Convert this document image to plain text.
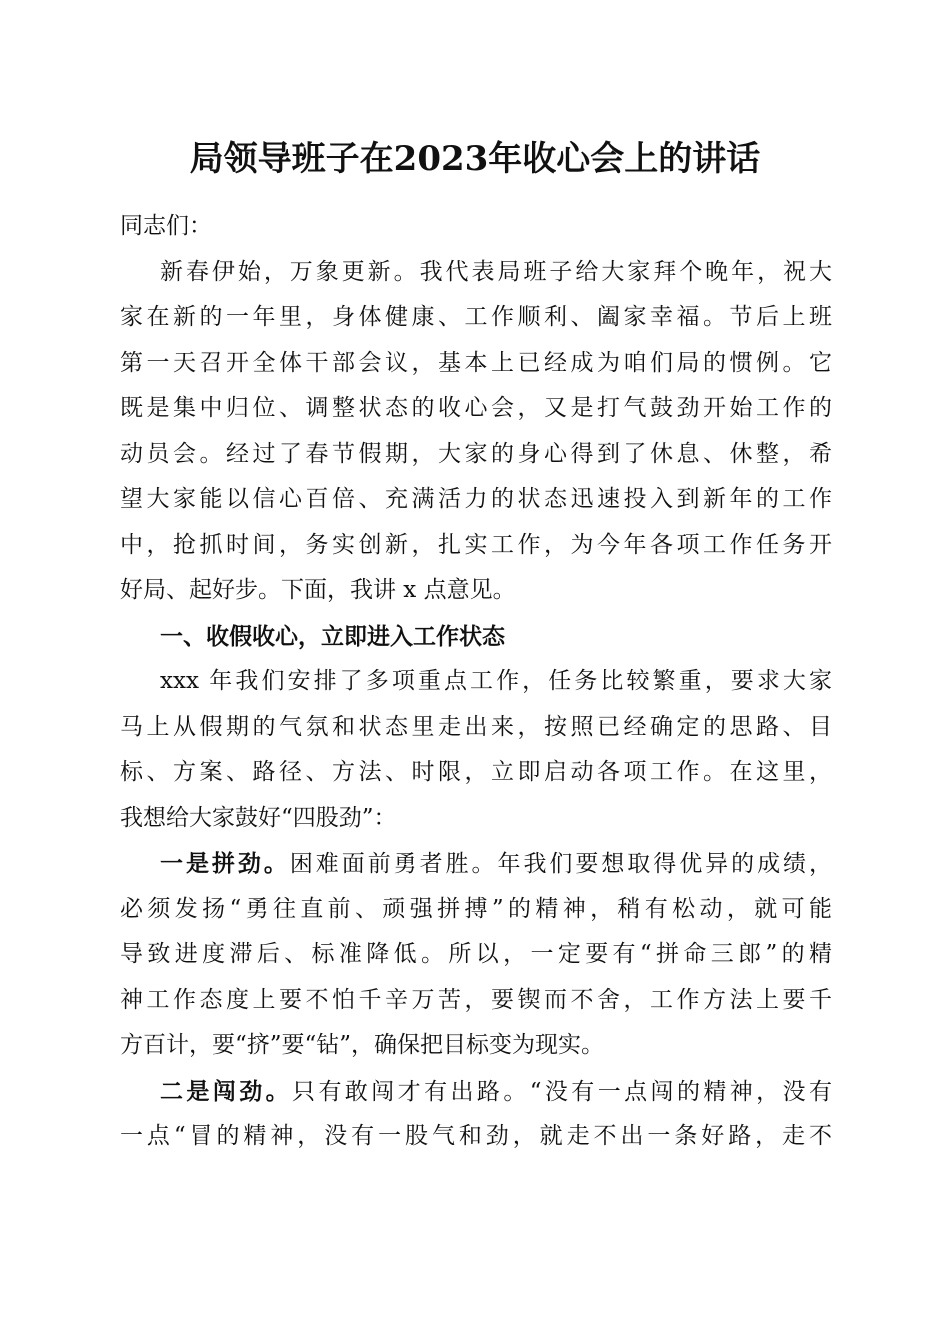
局领导班子在2023年收心会上的讲话
同志们：
新春伊始，万象更新。我代表局班子给大家拜个晚年，祝大
家在新的一年里，身体健康、工作顺利、阖家幸福。节后上班
第一天召开全体干部会议，基本上已经成为咱们局的惯例。它
既是集中归位、调整状态的收心会，又是打气鼓劲开始工作的
动员会。经过了春节假期，大家的身心得到了休息、休整，希
望大家能以信心百倍、充满活力的状态迅速投入到新年的工作
中，抢抓时间，务实创新，扎实工作，为今年各项工作任务开
好局、起好步。下面，我讲 x 点意见。
一、收假收心，立即进入工作状态
xxx 年我们安排了多项重点工作，任务比较繁重，要求大家
马上从假期的气氛和状态里走出来，按照已经确定的思路、目
标、方案、路径、方法、时限，立即启动各项工作。在这里，
我想给大家鼓好“四股劲”：
一是拼劲。困难面前勇者胜。年我们要想取得优异的成绩，
必须发扬“勇往直前、顽强拼搏”的精神，稍有松动，就可能
导致进度滞后、标准降低。所以，一定要有“拼命三郎”的精
神工作态度上要不怕千辛万苦，要锲而不舍，工作方法上要千
方百计，要“挤”要“钻”，确保把目标变为现实。
二是闯劲。只有敢闯才有出路。“没有一点闯的精神，没有
一点“冒的精神，没有一股气和劲，就走不出一条好路，走不
